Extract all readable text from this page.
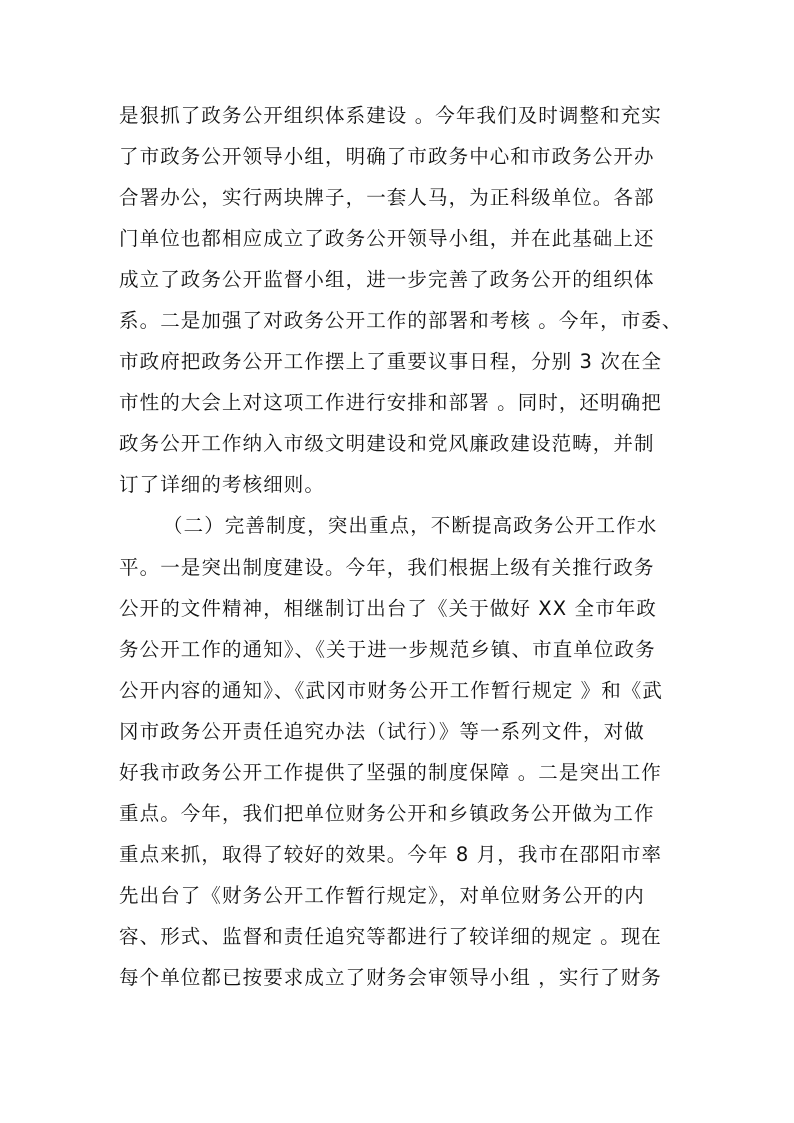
是狠抓了政务公开组织体系建设 。今年我们及时调整和充实
了市政务公开领导小组，明确了市政务中心和市政务公开办
合署办公，实行两块牌子，一套人马，为正科级单位。各部
门单位也都相应成立了政务公开领导小组，并在此基础上还
成立了政务公开监督小组，进一步完善了政务公开的组织体
系。二是加强了对政务公开工作的部署和考核 。今年，市委、
市政府把政务公开工作摆上了重要议事日程，分别 3 次在全
市性的大会上对这项工作进行安排和部署 。同时，还明确把
政务公开工作纳入市级文明建设和党风廉政建设范畴，并制
订了详细的考核细则。
（二）完善制度，突出重点，不断提高政务公开工作水
平。一是突出制度建设。今年，我们根据上级有关推行政务
公开的文件精神，相继制订出台了《关于做好 XX 全市年政
务公开工作的通知》、《关于进一步规范乡镇、市直单位政务
公开内容的通知》、《武冈市财务公开工作暂行规定 》和《武
冈市政务公开责任追究办法（试行）》等一系列文件，对做
好我市政务公开工作提供了坚强的制度保障 。二是突出工作
重点。今年，我们把单位财务公开和乡镇政务公开做为工作
重点来抓，取得了较好的效果。今年 8 月，我市在邵阳市率
先出台了《财务公开工作暂行规定》，对单位财务公开的内
容、形式、监督和责任追究等都进行了较详细的规定 。现在
每个单位都已按要求成立了财务会审领导小组 ，实行了财务
